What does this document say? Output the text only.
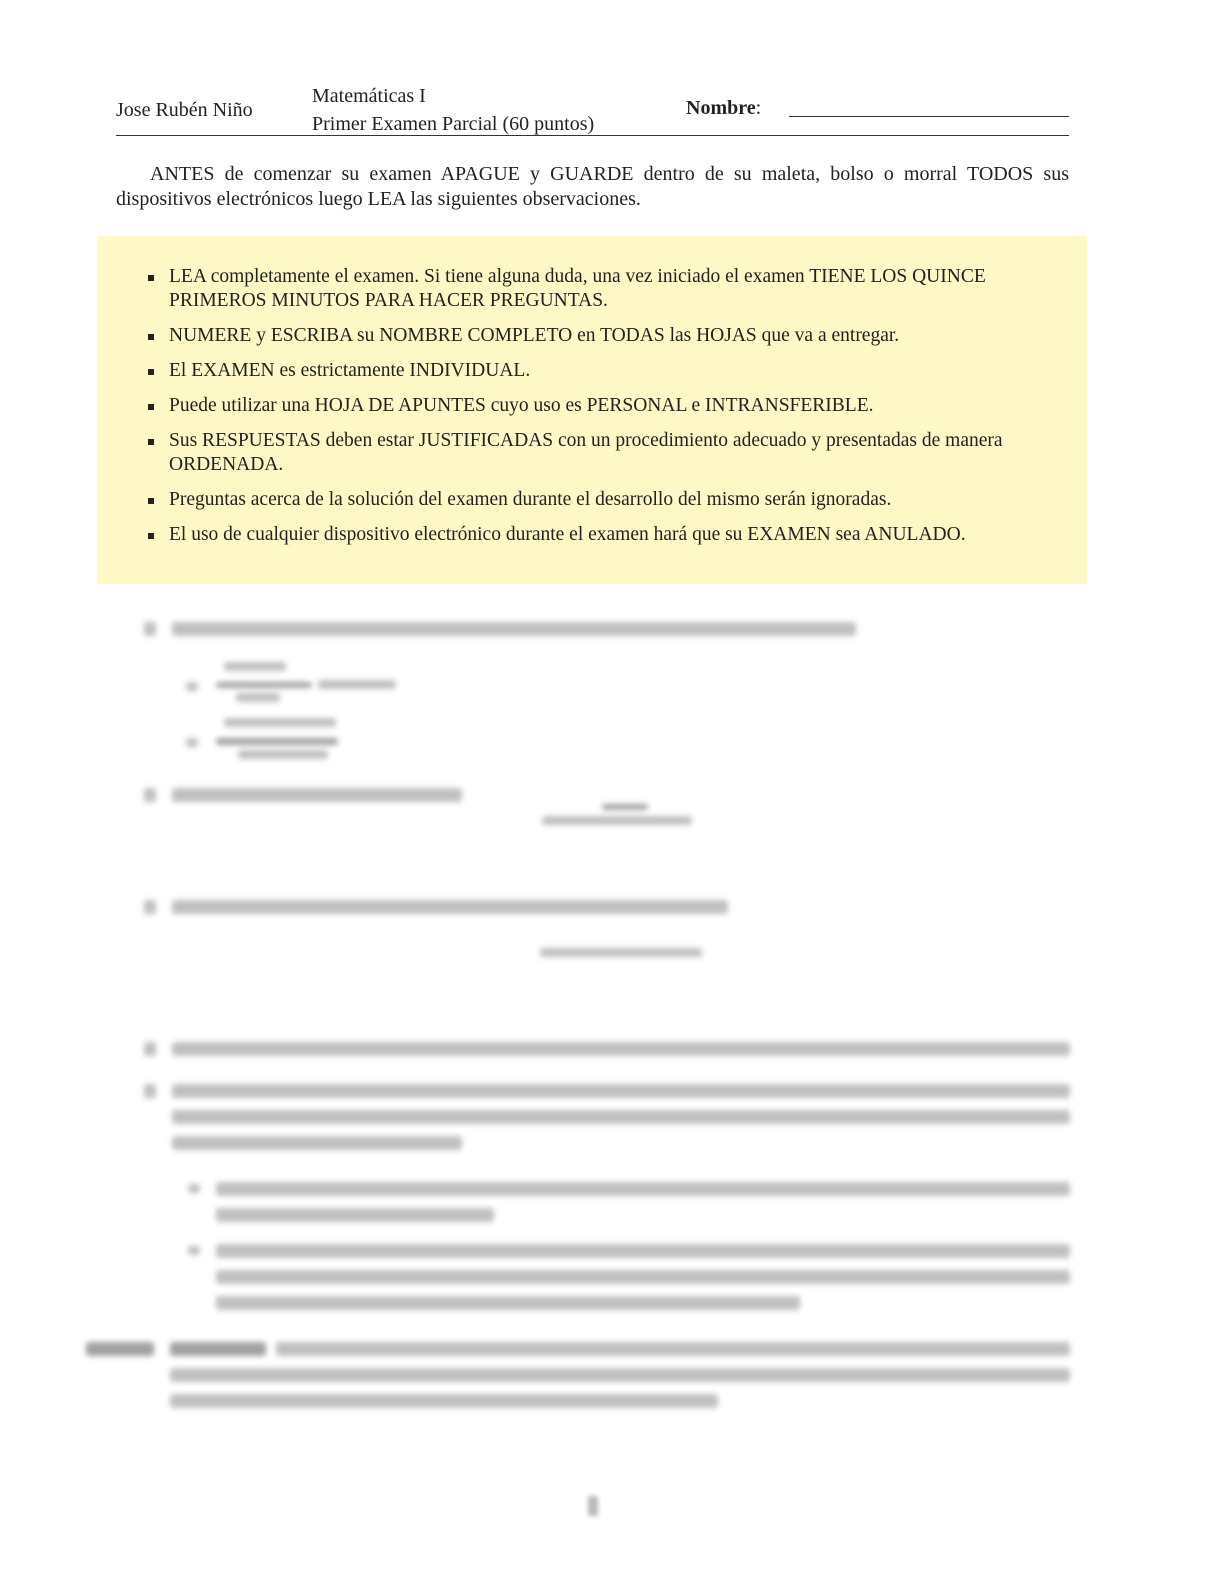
Jose Rubén Niño
Matemáticas I
Primer Examen Parcial (60 puntos)
Nombre:

ANTES de comenzar su examen APAGUE y GUARDE dentro de su maleta, bolso o morral TODOS sus dispositivos electrónicos luego LEA las siguientes observaciones.

LEA completamente el examen. Si tiene alguna duda, una vez iniciado el examen TIENE LOS QUINCE PRIMEROS MINUTOS PARA HACER PREGUNTAS.
NUMERE y ESCRIBA su NOMBRE COMPLETO en TODAS las HOJAS que va a entregar.
El EXAMEN es estrictamente INDIVIDUAL.
Puede utilizar una HOJA DE APUNTES cuyo uso es PERSONAL e INTRANSFERIBLE.
Sus RESPUESTAS deben estar JUSTIFICADAS con un procedimiento adecuado y presentadas de manera ORDENADA.
Preguntas acerca de la solución del examen durante el desarrollo del mismo serán ignoradas.
El uso de cualquier dispositivo electrónico durante el examen hará que su EXAMEN sea ANULADO.
